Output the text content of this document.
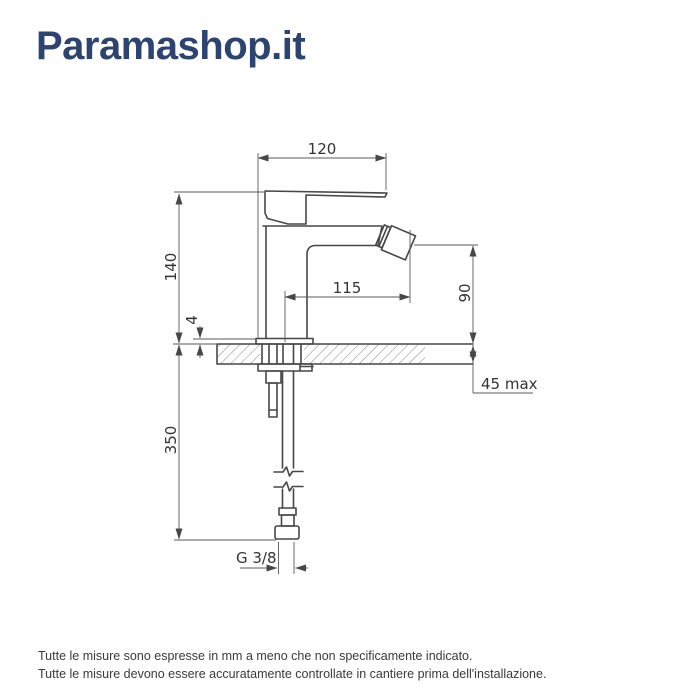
Paramashop.it
120
140
4
350
115	90
45 max
G 3/8

Tutte le misure sono espresse in mm a meno che non specificamente indicato.

Tutte le misure devono essere accuratamente controllate in cantiere prima dell'installazione.
